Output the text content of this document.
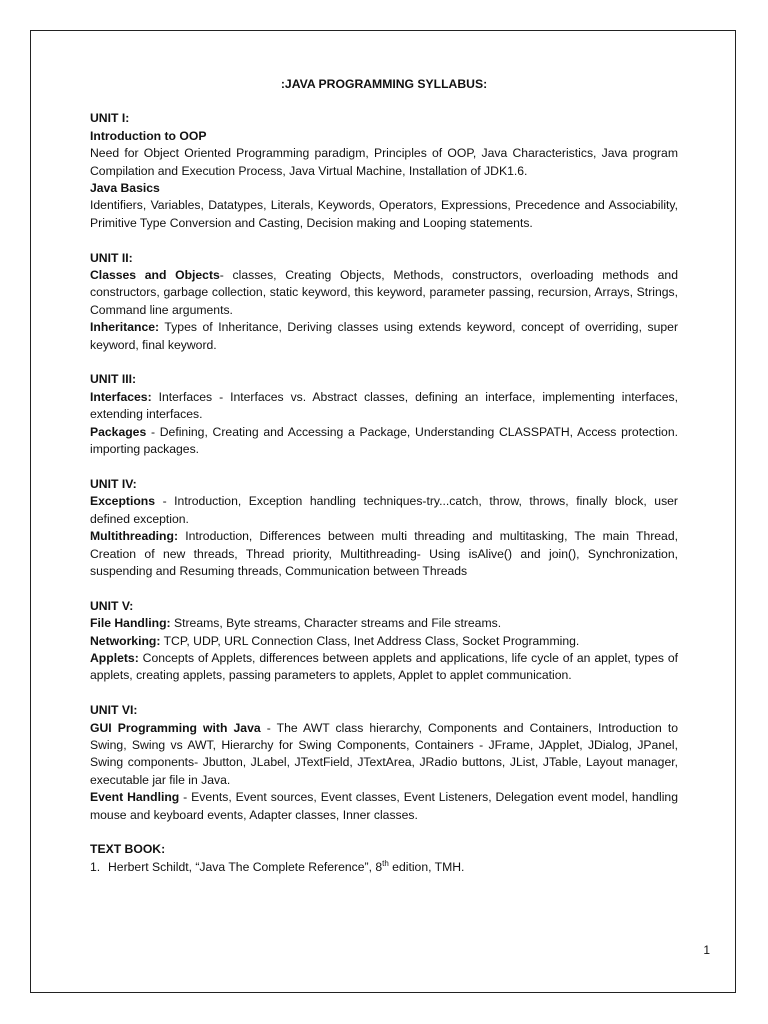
:JAVA PROGRAMMING SYLLABUS:
UNIT I:
Introduction to OOP

Need for Object Oriented Programming paradigm, Principles of OOP, Java Characteristics, Java program Compilation and Execution Process, Java Virtual Machine, Installation of JDK1.6.

Java Basics

Identifiers, Variables, Datatypes, Literals, Keywords, Operators, Expressions, Precedence and Associability, Primitive Type Conversion and Casting, Decision making and Looping statements.

UNIT II:

Classes and Objects- classes, Creating Objects, Methods, constructors, overloading methods and constructors, garbage collection, static keyword, this keyword, parameter passing, recursion, Arrays, Strings, Command line arguments.

Inheritance: Types of Inheritance, Deriving classes using extends keyword, concept of overriding, super keyword, final keyword.

UNIT III:

Interfaces: Interfaces - Interfaces vs. Abstract classes, defining an interface, implementing interfaces, extending interfaces.

Packages - Defining, Creating and Accessing a Package, Understanding CLASSPATH, Access protection. importing packages.

UNIT IV:

Exceptions - Introduction, Exception handling techniques-try...catch, throw, throws, finally block, user defined exception.

Multithreading: Introduction, Differences between multi threading and multitasking, The main Thread, Creation of new threads, Thread priority, Multithreading- Using isAlive() and join(), Synchronization, suspending and Resuming threads, Communication between Threads

UNIT V:

File Handling: Streams, Byte streams, Character streams and File streams.

Networking: TCP, UDP, URL Connection Class, Inet Address Class, Socket Programming.

Applets: Concepts of Applets, differences between applets and applications, life cycle of an applet, types of applets, creating applets, passing parameters to applets, Applet to applet communication.

UNIT VI:

GUI Programming with Java - The AWT class hierarchy, Components and Containers, Introduction to Swing, Swing vs AWT, Hierarchy for Swing Components, Containers - JFrame, JApplet, JDialog, JPanel, Swing components- Jbutton, JLabel, JTextField, JTextArea, JRadio buttons, JList, JTable, Layout manager, executable jar file in Java.

Event Handling - Events, Event sources, Event classes, Event Listeners, Delegation event model, handling mouse and keyboard events, Adapter classes, Inner classes.

TEXT BOOK:
1. Herbert Schildt, “Java The Complete Reference”, 8th edition, TMH.
1
